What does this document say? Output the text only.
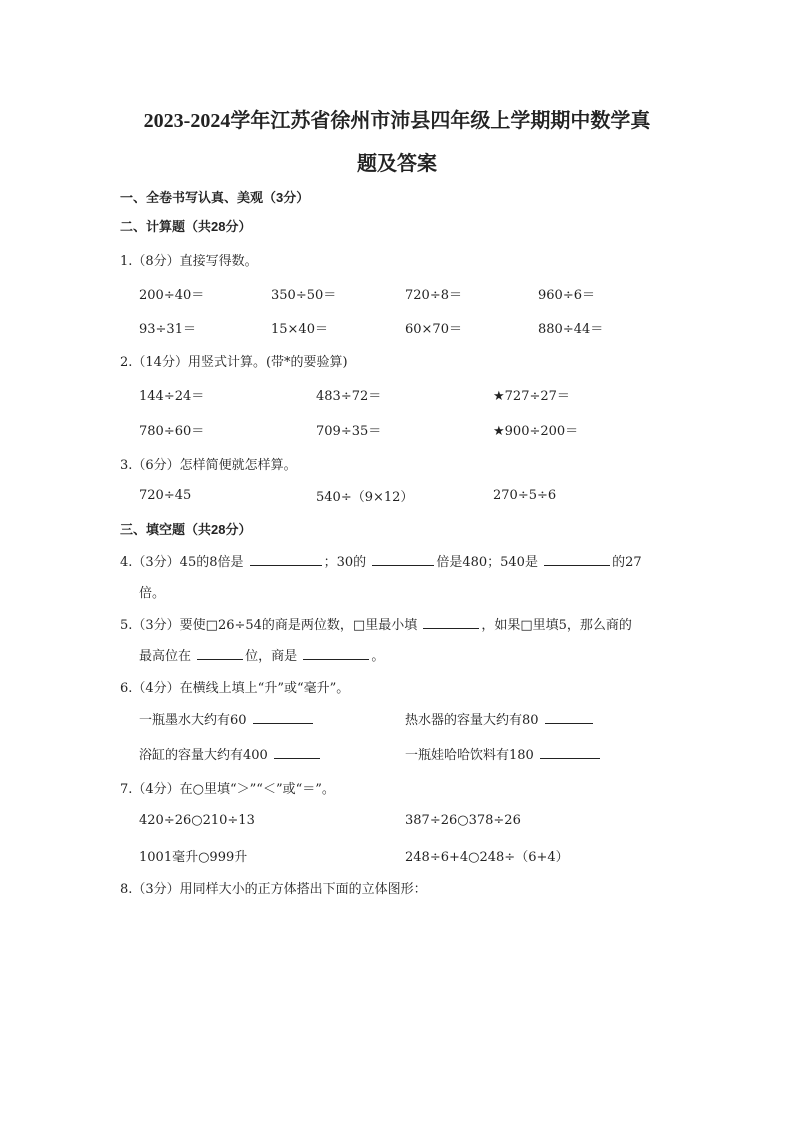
2023-2024学年江苏省徐州市沛县四年级上学期期中数学真
题及答案
一、全卷书写认真、美观（3分）
二、计算题（共28分）
1.（8分）直接写得数。
200÷40＝	350÷50＝	720÷8＝	960÷6＝
93÷31＝	15×40＝	60×70＝	880÷44＝
2.（14分）用竖式计算。(带*的要验算)
144÷24＝	483÷72＝	★727÷27＝
780÷60＝	709÷35＝	★900÷200＝
3.（6分）怎样简便就怎样算。
720÷45	540÷（9×12）	270÷5÷6
三、填空题（共28分）
4.（3分）45的8倍是	；30的	倍是480；540是	的27
倍。
5.（3分）要使□26÷54的商是两位数，□里最小填	，如果□里填5，那么商的
最高位在	位，商是	。
6.（4分）在横线上填上“升”或“毫升”。
一瓶墨水大约有60	热水器的容量大约有80
浴缸的容量大约有400	一瓶娃哈哈饮料有180
7.（4分）在○里填“＞”“＜”或“＝”。
420÷26○210÷13	387÷26○378÷26
1001毫升○999升	248÷6+4○248÷（6+4）
8.（3分）用同样大小的正方体搭出下面的立体图形：
